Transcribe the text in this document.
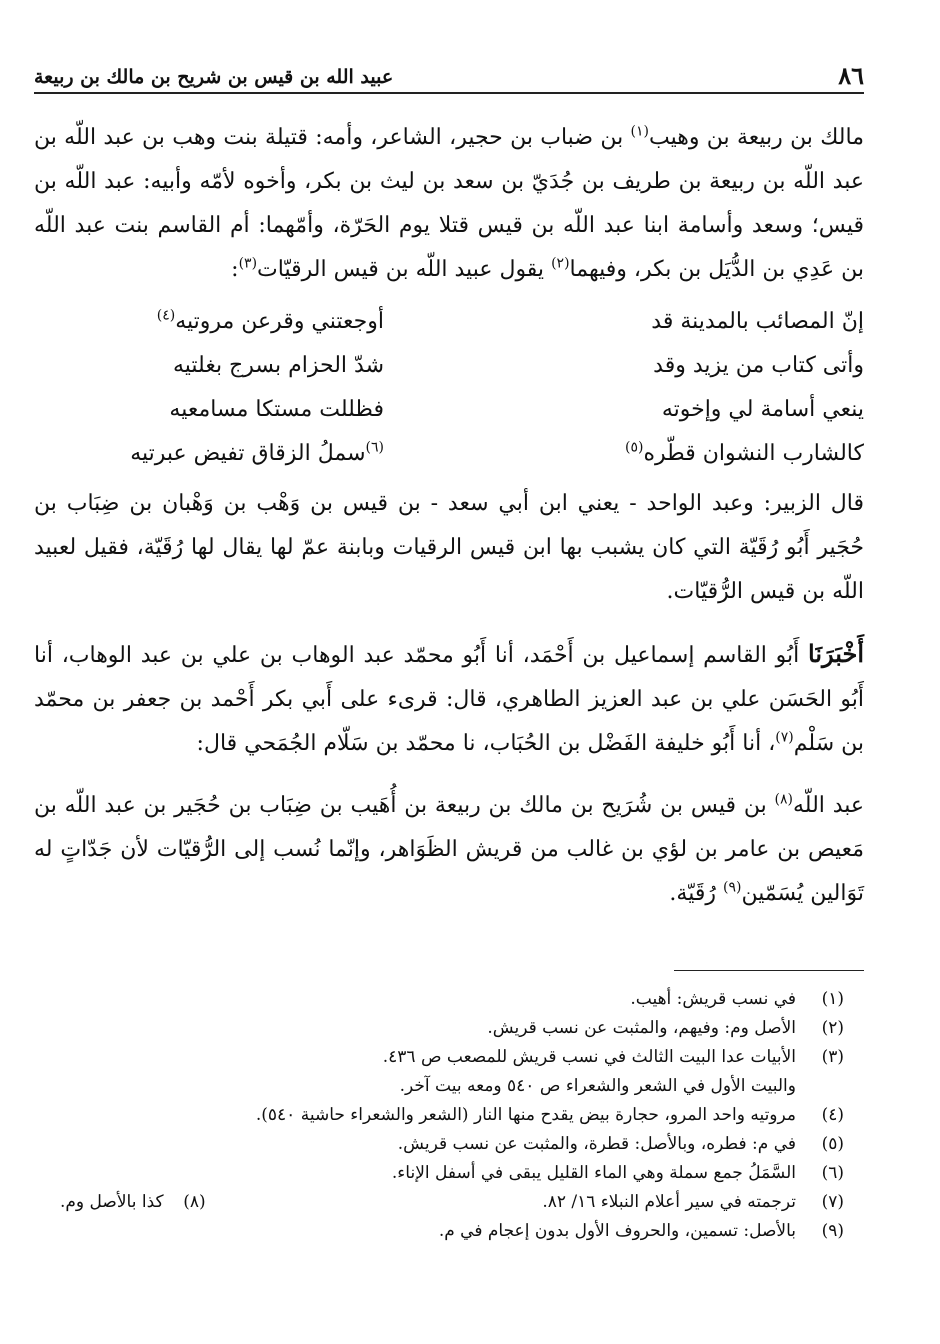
٨٦
عبيد الله بن قيس بن شريح بن مالك بن ربيعة

مالك بن ربيعة بن وهيب$^{(١)}$ بن ضباب بن حجير، الشاعر، وأمه: قتيلة بنت وهب بن عبد اللّه بن عبد اللّه بن ربيعة بن طريف بن جُدَيّ بن سعد بن ليث بن بكر، وأخوه لأمّه وأبيه: عبد اللّه بن قيس؛ وسعد وأسامة ابنا عبد اللّه بن قيس قتلا يوم الحَرّة، وأمّهما: أم القاسم بنت عبد اللّه بن عَدِي بن الدُّيَل بن بكر، وفيهما$^{(٢)}$ يقول عبيد اللّه بن قيس الرقيّات$^{(٣)}$:

إنّ المصائب بالمدينة قد
أوجعتني وقرعن مروتيه$^{(٤)}$
وأتى كتاب من يزيد وقد
شدّ الحزام بسرج بغلتيه
ينعي أسامة لي وإخوته
فظللت مستكا مسامعيه
كالشارب النشوان قطّره$^{(٥)}$
$^{(٦)}$سملُ الزقاق تفيض عبرتيه

قال الزبير: وعبد الواحد - يعني ابن أبي سعد - بن قيس بن وَهْب بن وَهْبان بن ضِبَاب بن حُجَير أَبُو رُقَيّة التي كان يشبب بها ابن قيس الرقيات وبابنة عمّ لها يقال لها رُقَيّة، فقيل لعبيد اللّه بن قيس الرُّقيّات.

أَخْبَرَنَا أَبُو القاسم إسماعيل بن أَحْمَد، أنا أَبُو محمّد عبد الوهاب بن علي بن عبد الوهاب، أنا أَبُو الحَسَن علي بن عبد العزيز الطاهري، قال: قرىء على أَبي بكر أَحْمد بن جعفر بن محمّد بن سَلْم$^{(٧)}$، أنا أَبُو خليفة الفَضْل بن الحُبَاب، نا محمّد بن سَلّام الجُمَحي قال:

عبد اللّه$^{(٨)}$ بن قيس بن شُرَيح بن مالك بن ربيعة بن أُهَيب بن ضِبَاب بن حُجَير بن عبد اللّه بن مَعيص بن عامر بن لؤي بن غالب من قريش الظَوَاهر، وإنّما نُسب إلى الرُّقيّات لأن جَدّاتٍ له تَوَالين يُسَمّين$^{(٩)}$ رُقَيّة.

(١)
في نسب قريش: أهيب.
(٢)
الأصل وم: وفيهم، والمثبت عن نسب قريش.
(٣)
الأبيات عدا البيت الثالث في نسب قريش للمصعب ص ٤٣٦.
والبيت الأول في الشعر والشعراء ص ٥٤٠ ومعه بيت آخر.
(٤)
مروتيه واحد المرو، حجارة بيض يقدح منها النار (الشعر والشعراء حاشية ٥٤٠).
(٥)
في م: فطره، وبالأصل: قطرة، والمثبت عن نسب قريش.
(٦)
السَّمَلُ جمع سملة وهي الماء القليل يبقى في أسفل الإناء.
(٧)
ترجمته في سير أعلام النبلاء ١٦/ ٨٢.
(٨)
كذا بالأصل وم.
(٩)
بالأصل: تسمين، والحروف الأول بدون إعجام في م.
